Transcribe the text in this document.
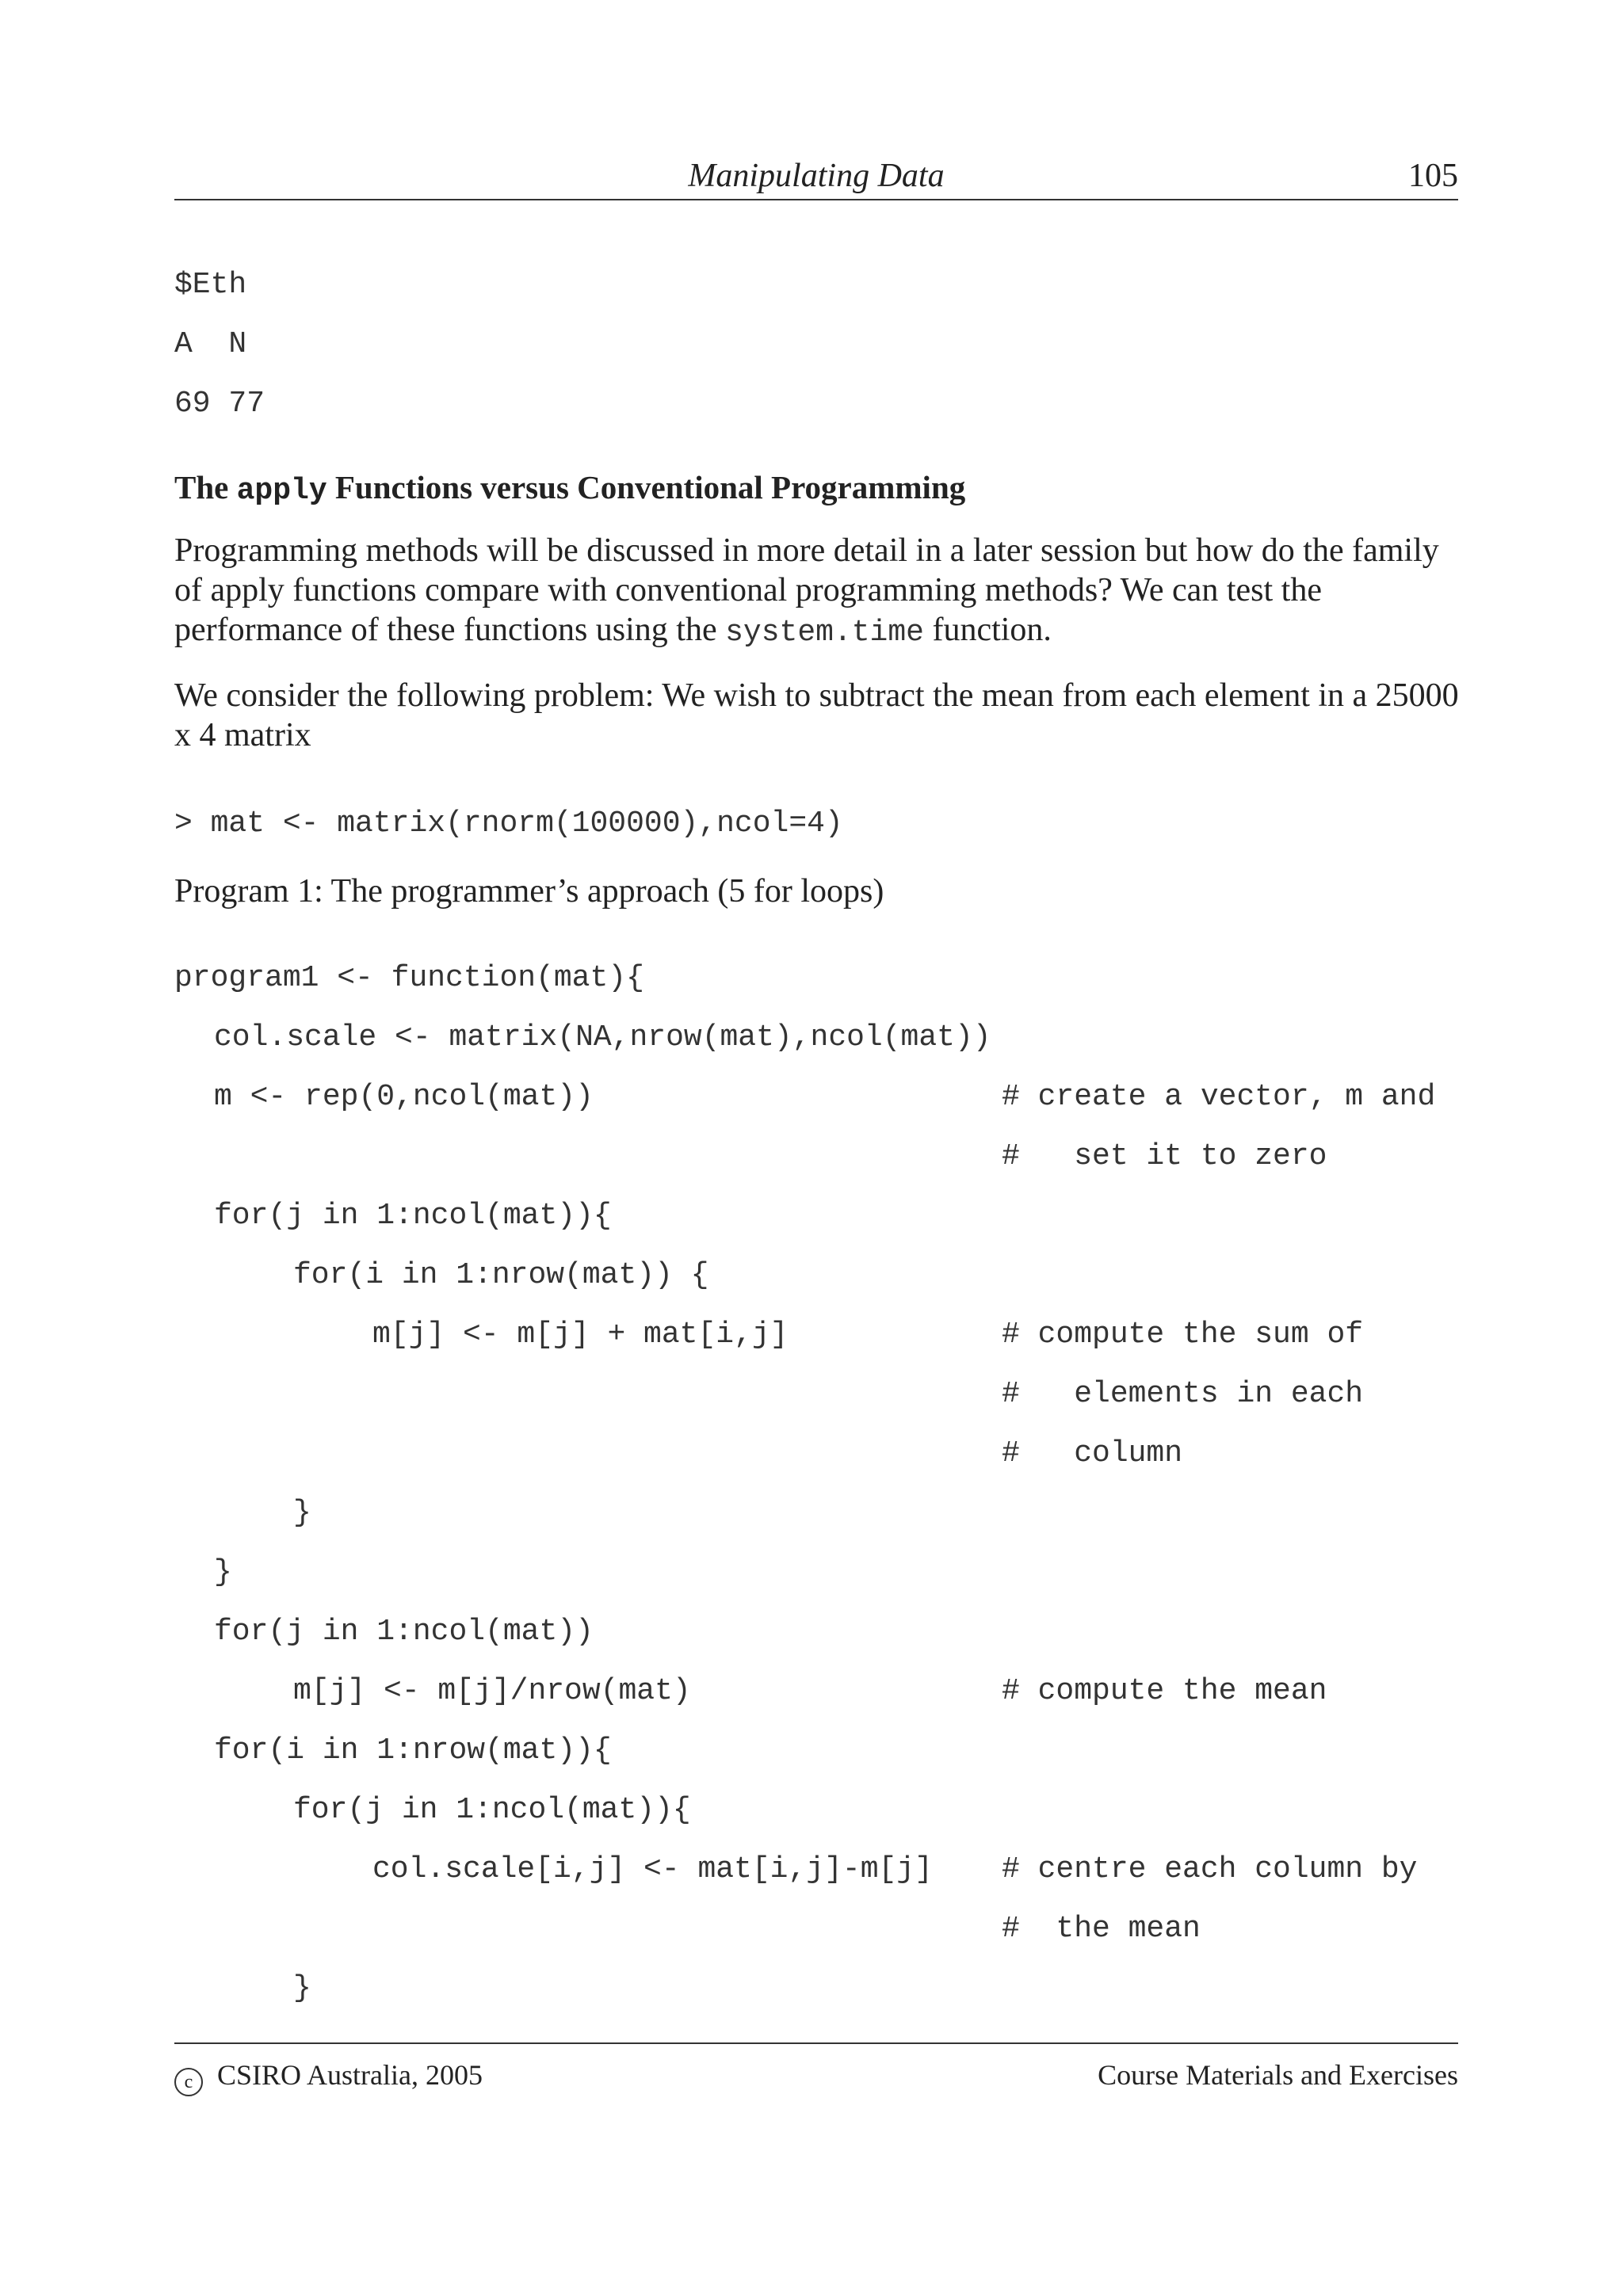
Manipulating Data	105
$Eth
A  N
69 77
The apply Functions versus Conventional Programming
Programming methods will be discussed in more detail in a later session but how do the family of apply functions compare with conventional programming methods? We can test the performance of these functions using the system.time function.
We consider the following problem: We wish to subtract the mean from each element in a 25000 x 4 matrix
> mat <- matrix(rnorm(100000),ncol=4)
Program 1: The programmer’s approach (5 for loops)
program1 <- function(mat){
col.scale <- matrix(NA,nrow(mat),ncol(mat))
m <- rep(0,ncol(mat))
for(j in 1:ncol(mat)){
for(i in 1:nrow(mat)) {
m[j] <- m[j] + mat[i,j]
}
}
for(j in 1:ncol(mat))
m[j] <- m[j]/nrow(mat)
for(i in 1:nrow(mat)){
for(j in 1:ncol(mat)){
col.scale[i,j] <- mat[i,j]-m[j]
}
# create a vector, m and
#   set it to zero
# compute the sum of
#   elements in each
#   column
# compute the mean
# centre each column by
#  the mean
c CSIRO Australia, 2005	Course Materials and Exercises
